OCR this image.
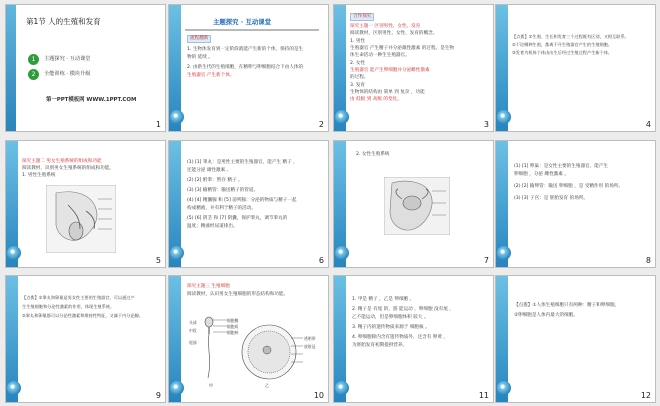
第1节 人的生殖和发育
1	主题探究 · 互动课堂
2	全能训练 · 模块升级
第一PPT模板网 WWW.1PPT.COM
1
主题探究 · 互动课堂
流程翻新
1. 生物体发育到一定阶段就能产生新的个体，保持的是生
物的 延续 。
2. 由新生代的生殖细胞，在精卵与卵细胞结合下由人体的
生殖器官 产生新个体。
2
合作探究
探究主题一 区别男性、女性、发育
阅读教材，区别男性、女性、发育的概念。
1. 男性
生殖器官 产生精子并分泌雄性激素 的过程。是生物
体生命活动一种生生殖器官。
2. 女性
生殖器官 能产生卵细胞并分泌雌性激素
的过程。
3. 发育
生物体的结构由 简单 到 复杂 ，功能
由 低级 到 高级 的变化。
3
【点拨】①生殖、生长和发育三个过程既有区别，又相互联系。
②不论哪种生殖，都离不开生殖器官产生的生殖细胞。
③发育为机体个体由出生后经过生殖过程产生新个体。
4
探究主题二 男女生殖系统的组成和功能
阅读教材，识别男女生殖系统的组成和功能。
1. 男性生殖系统
5
(1) [1] 睾丸：是男性主要的生殖器官，能产生 精子 ，
还能分泌 雄性激素 。
(2) [2] 附睾：暂存 精子 。
(3) [3] 输精管：输送精子的管道。
(4) [4] 精囊腺 和 [5] 前列腺：分泌的物质与精子一起
构成精液，并有利于精子的活动。
(5) [6] 阴茎 和 [7] 阴囊，保护睾丸，调节睾丸的
温度；精液经尿道排出。
6
2. 女性生殖系统
7
(1) [1] 卵巢：是女性主要的生殖器官，能产生
卵细胞 ，分泌 雌性激素 。
(2) [2] 输卵管：输送 卵细胞 ，是 受精作用 的场所。
(3) [3] 子宫：是 胚胎发育 的场所。
8
【点拨】①睾丸和卵巢是男女性主要的生殖器官，可以通过产
生生殖细胞和分泌性激素的作用，体现生殖系统。
②睾丸和卵巢都可以分泌性激素和维持性特征，又属于内分泌腺。
9
探究主题三 生殖细胞
阅读教材，认识男女生殖细胞的形态结构和功能。
头部
中段
尾部
甲	乙
细胞膜
细胞质
细胞核
透明带
放射冠
10
1. 甲是 精子 ，乙是 卵细胞 。
2. 精子是 有尾 的，游 能运动 ，卵细胞 没有尾 ，
乙不能运动，但是卵细胞体积 较大 。
3. 精子内的遗传物质来源于 细胞核 。
4. 卵细胞除内含有遗传物质外，还含有 卵黄 ，
为胚胎发育初期提供营养。
11
【点拨】①人体生殖细胞只有两种：精子和卵细胞。
②卵细胞是人体内最大的细胞。
12
